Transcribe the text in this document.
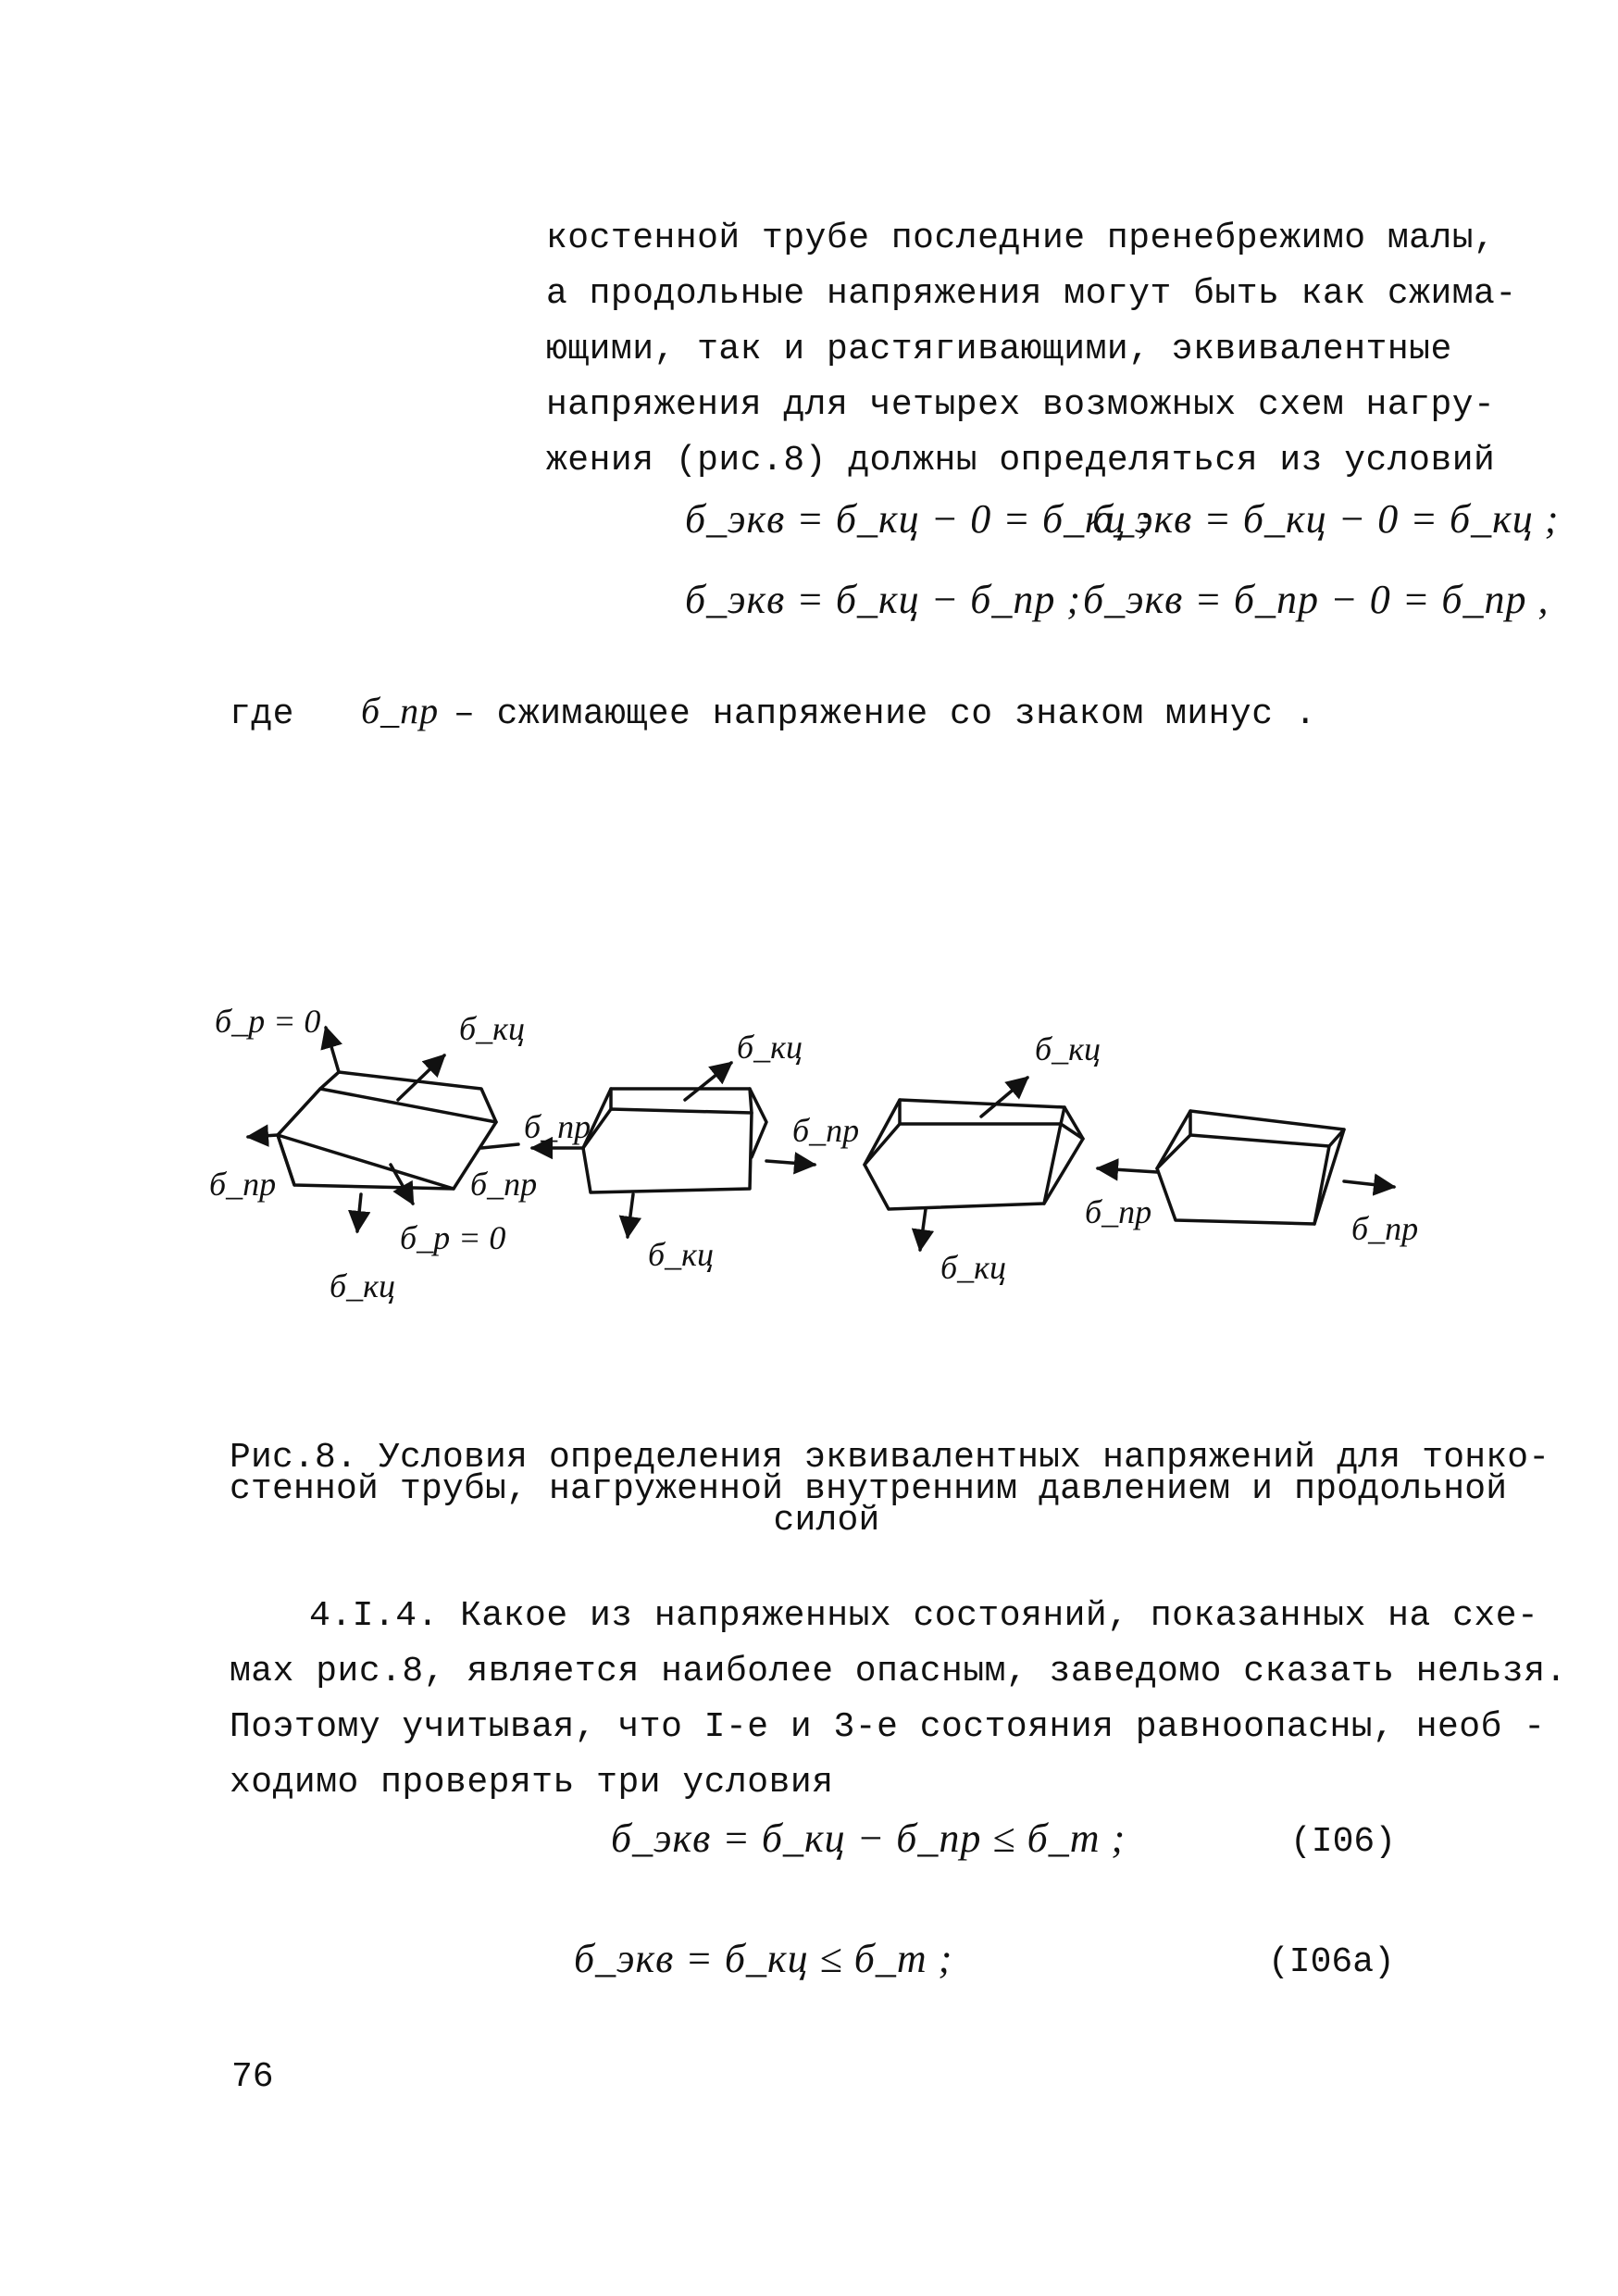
костенной трубе последние пренебрежимо малы,
а продольные напряжения могут быть как сжима-
ющими, так и растягивающими, эквивалентные
напряжения для четырех возможных схем нагру-
жения (рис.8) должны определяться из условий
б_экв = б_кц − 0 = б_кц ;
б_экв = б_кц − 0 = б_кц ;
б_экв = б_кц − б_пр ; б_экв = б_пр − 0 = б_пр ,
где б_пр – сжимающее напряжение со знаком минус .
б_р = 0	б_кц
б_пр	б_пр
б_р = 0
б_кц
б_кц
б_пр	б_пр
б_кц
б_кц
б_кц
б_пр	б_пр
Рис.8. Условия определения эквивалентных напряжений для тонко-
стенной трубы, нагруженной внутренним давлением и продольной
силой
4.I.4. Какое из напряженных состояний, показанных на схе-
мах рис.8, является наиболее опасным, заведомо сказать нельзя.
Поэтому учитывая, что I-е и 3-е состояния равноопасны, необ -
ходимо проверять три условия
б_экв = б_кц − б_пр ≤ б_т ;	(I06)
б_экв = б_кц ≤ б_т ;	(I06а)
76
